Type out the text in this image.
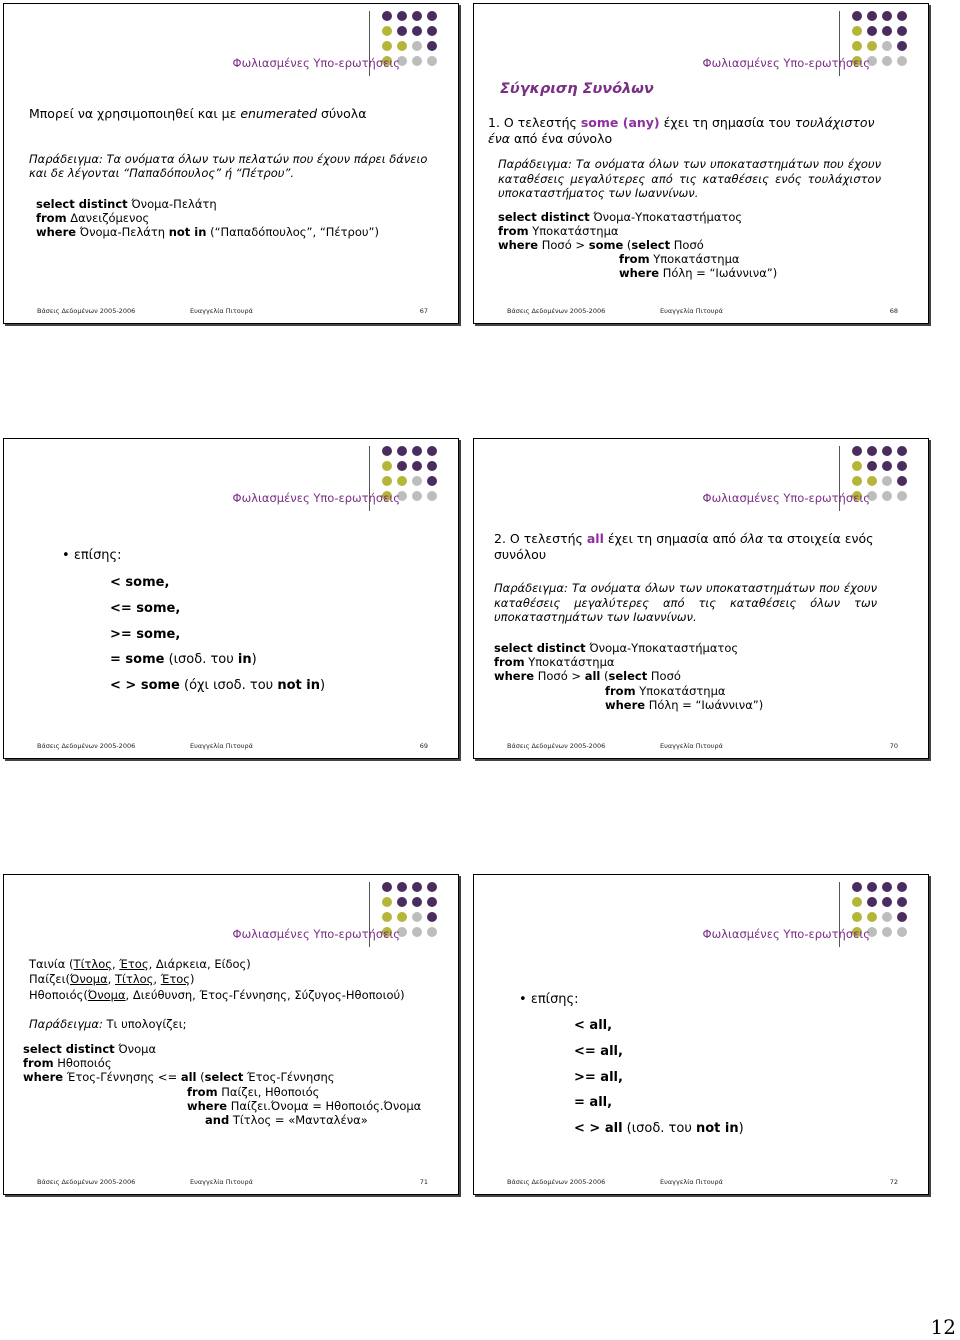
Φωλιασμένες Υπο-ερωτήσεις
Μπορεί να χρησιμοποιηθεί και με enumerated σύνολα
Παράδειγμα: Τα ονόματα όλων των πελατών που έχουν πάρει δάνειο
και δε λέγονται “Παπαδόπουλος” ή “Πέτρου”.
select distinct Όνομα-Πελάτη
from Δανειζόμενος
where Όνομα-Πελάτη not in (“Παπαδόπουλος”, “Πέτρου”)
Βάσεις Δεδομένων 2005-2006	Ευαγγελία Πιτουρά	67
Φωλιασμένες Υπο-ερωτήσεις
Σύγκριση Συνόλων
1. Ο τελεστής some (any) έχει τη σημασία του τουλάχιστον
ένα από ένα σύνολο
Παράδειγμα: Τα ονόματα όλων των υποκαταστημάτων που έχουν καταθέσεις μεγαλύτερες από τις καταθέσεις ενός τουλάχιστον υποκαταστήματος των Ιωαννίνων.
select distinct Όνομα-Υποκαταστήματος
from Υποκατάστημα
where Ποσό > some (select Ποσό
from Υποκατάστημα
where Πόλη = “Ιωάννινα”)
Βάσεις Δεδομένων 2005-2006	Ευαγγελία Πιτουρά	68
Φωλιασμένες Υπο-ερωτήσεις
• επίσης:
< some,
<= some,
>= some,
= some (ισοδ. του in)
< > some (όχι ισοδ. του not in)
Βάσεις Δεδομένων 2005-2006	Ευαγγελία Πιτουρά	69
Φωλιασμένες Υπο-ερωτήσεις
2. Ο τελεστής all έχει τη σημασία από όλα τα στοιχεία ενός
συνόλου
Παράδειγμα: Τα ονόματα όλων των υποκαταστημάτων που έχουν καταθέσεις μεγαλύτερες από τις καταθέσεις όλων των υποκαταστημάτων των Ιωαννίνων.
select distinct Όνομα-Υποκαταστήματος
from Υποκατάστημα
where Ποσό > all (select Ποσό
from Υποκατάστημα
where Πόλη = “Ιωάννινα”)
Βάσεις Δεδομένων 2005-2006	Ευαγγελία Πιτουρά	70
Φωλιασμένες Υπο-ερωτήσεις
Ταινία (Τίτλος, Έτος, Διάρκεια, Είδος)
Παίζει(Όνομα, Τίτλος, Έτος)
Ηθοποιός(Όνομα, Διεύθυνση, Έτος-Γέννησης, Σύζυγος-Ηθοποιού)
Παράδειγμα: Τι υπολογίζει;
select distinct Όνομα
from Ηθοποιός
where Έτος-Γέννησης <= all (select Έτος-Γέννησης
from Παίζει, Ηθοποιός
where Παίζει.Όνομα = Ηθοποιός.Όνομα
and Τίτλος = «Μανταλένα»
Βάσεις Δεδομένων 2005-2006	Ευαγγελία Πιτουρά	71
Φωλιασμένες Υπο-ερωτήσεις
• επίσης:
< all,
<= all,
>= all,
= all,
< > all (ισοδ. του not in)
Βάσεις Δεδομένων 2005-2006	Ευαγγελία Πιτουρά	72
12
